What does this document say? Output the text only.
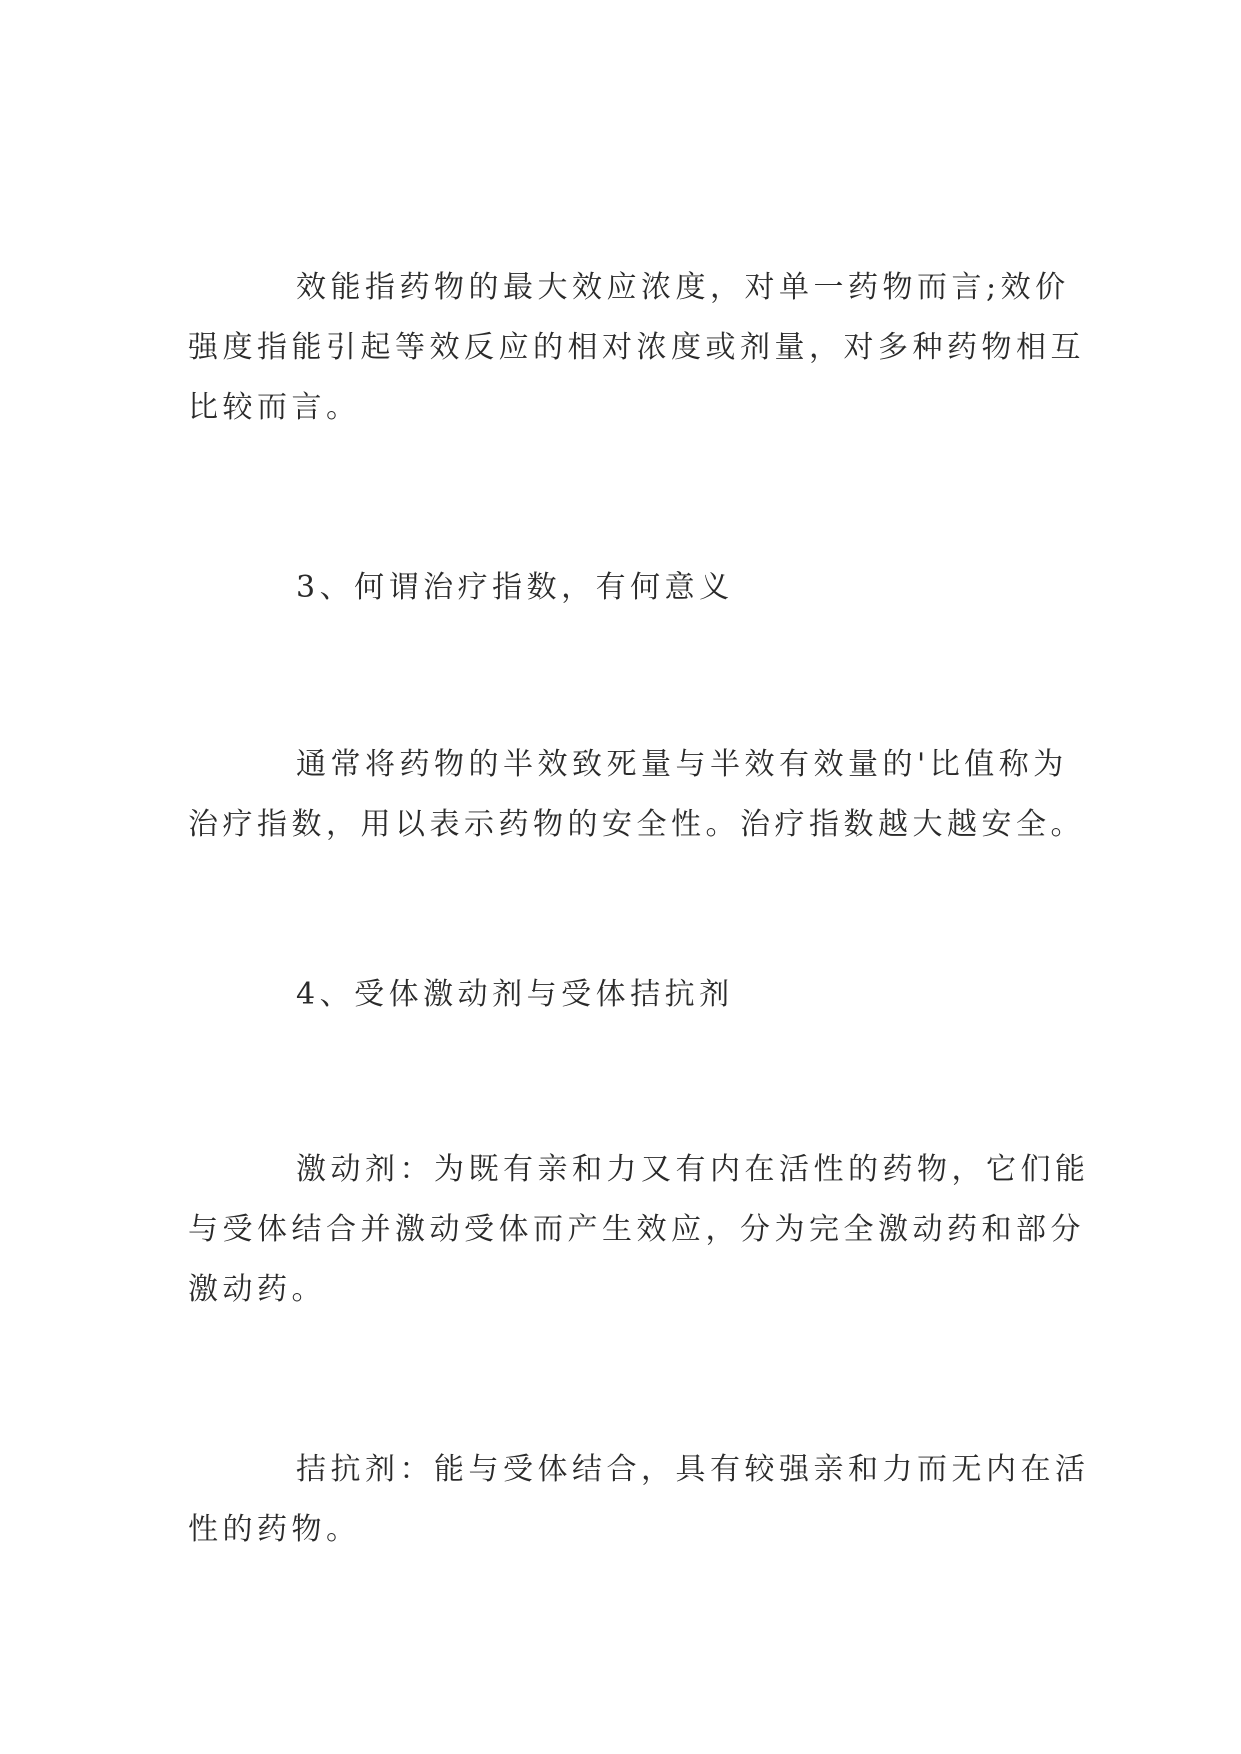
效能指药物的最大效应浓度，对单一药物而言;效价
强度指能引起等效反应的相对浓度或剂量，对多种药物相互
比较而言。

3、何谓治疗指数，有何意义

通常将药物的半效致死量与半效有效量的'比值称为
治疗指数，用以表示药物的安全性。治疗指数越大越安全。

4、受体激动剂与受体拮抗剂

激动剂：为既有亲和力又有内在活性的药物，它们能
与受体结合并激动受体而产生效应，分为完全激动药和部分
激动药。

拮抗剂：能与受体结合，具有较强亲和力而无内在活
性的药物。
